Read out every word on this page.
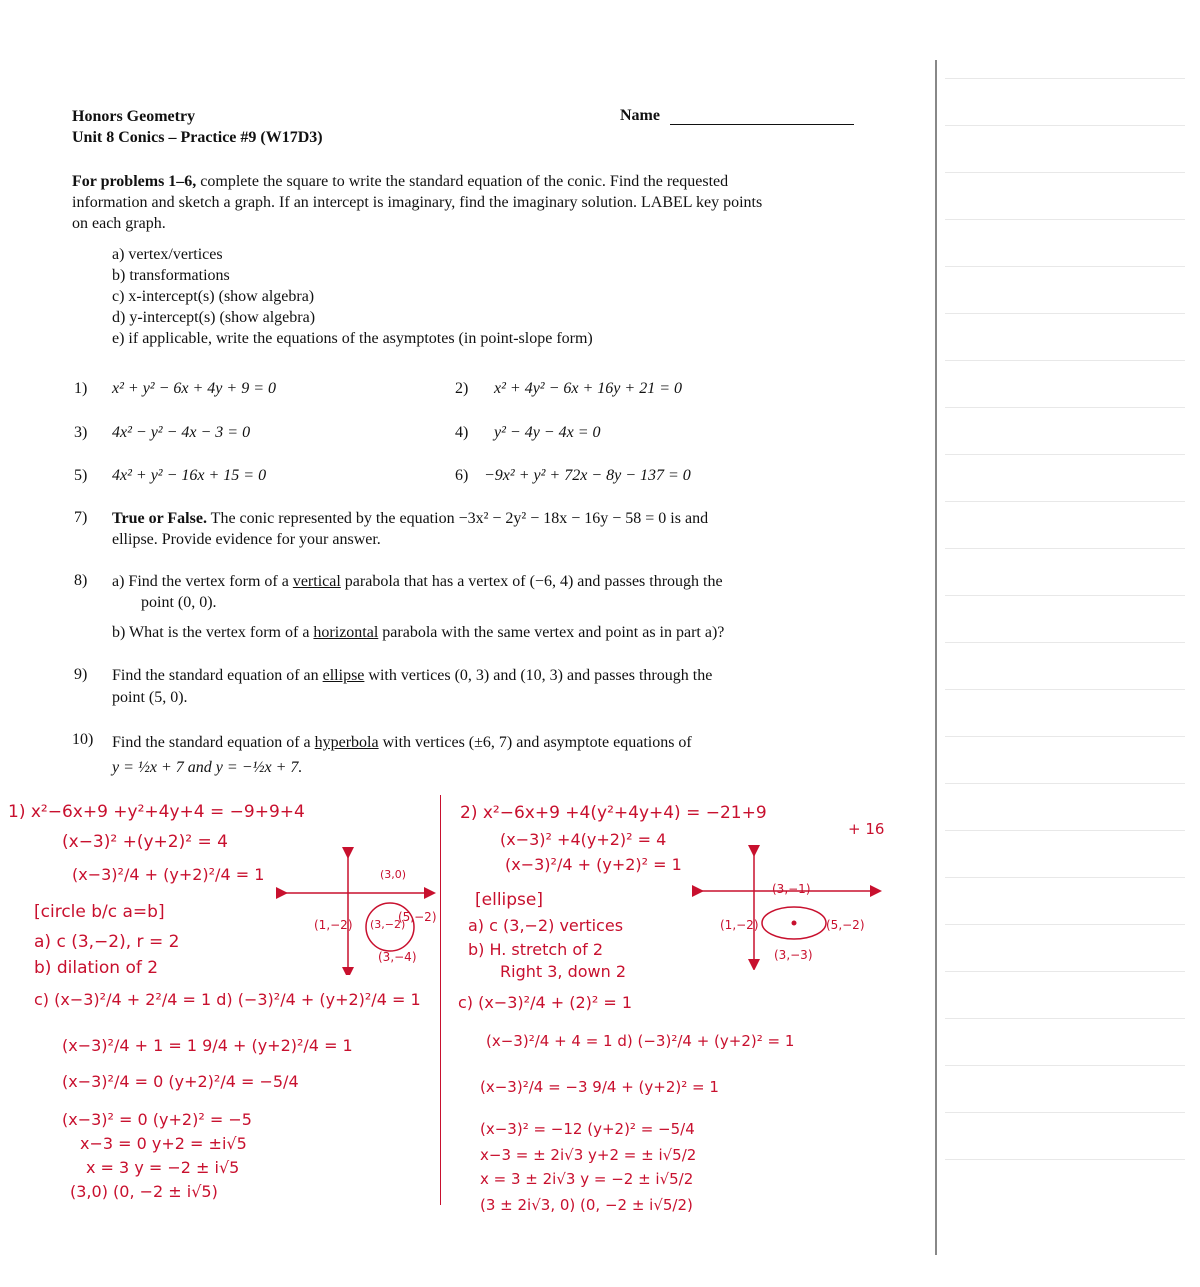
Honors Geometry
Unit 8 Conics – Practice #9 (W17D3)
Name
For problems 1–6, complete the square to write the standard equation of the conic. Find the requested
information and sketch a graph. If an intercept is imaginary, find the imaginary solution. LABEL key points
on each graph.
a) vertex/vertices
b) transformations
c) x-intercept(s) (show algebra)
d) y-intercept(s) (show algebra)
e) if applicable, write the equations of the asymptotes (in point-slope form)
1) x² + y² − 6x + 4y + 9 = 0	2) x² + 4y² − 6x + 16y + 21 = 0
3) 4x² − y² − 4x − 3 = 0	4) y² − 4y − 4x = 0
5) 4x² + y² − 16x + 15 = 0	6) −9x² + y² + 72x − 8y − 137 = 0
7) True or False. The conic represented by the equation −3x² − 2y² − 18x − 16y − 58 = 0 is and
ellipse. Provide evidence for your answer.
8) a) Find the vertex form of a vertical parabola that has a vertex of (−6, 4) and passes through the
point (0, 0).
b) What is the vertex form of a horizontal parabola with the same vertex and point as in part a)?
9) Find the standard equation of an ellipse with vertices (0, 3) and (10, 3) and passes through the
point (5, 0).
10) Find the standard equation of a hyperbola with vertices (±6, 7) and asymptote equations of
y = ½x + 7 and y = −½x + 7.
1) x²−6x+9 +y²+4y+4 = −9+9+4
(x−3)² +(y+2)² = 4
(x−3)²/4 + (y+2)²/4 = 1
[circle b/c a=b]
a) c (3,−2), r = 2
b) dilation of 2
c) (x−3)²/4 + 2²/4 = 1 d) (−3)²/4 + (y+2)²/4 = 1
(x−3)²/4 + 1 = 1 9/4 + (y+2)²/4 = 1
(x−3)²/4 = 0 (y+2)²/4 = −5/4
(x−3)² = 0 (y+2)² = −5
x−3 = 0 y+2 = ±i√5
x = 3 y = −2 ± i√5
(3,0) (0, −2 ± i√5)
(3,0)
(1,−2) (3,−2)
(5,−2)
(3,−4)
2) x²−6x+9 +4(y²+4y+4) = −21+9
+ 16
(x−3)² +4(y+2)² = 4
(x−3)²/4 + (y+2)² = 1
[ellipse]
a) c (3,−2) vertices
b) H. stretch of 2
Right 3, down 2
c) (x−3)²/4 + (2)² = 1
(x−3)²/4 + 4 = 1 d) (−3)²/4 + (y+2)² = 1
(x−3)²/4 = −3 9/4 + (y+2)² = 1
(x−3)² = −12 (y+2)² = −5/4
x−3 = ± 2i√3 y+2 = ± i√5/2
x = 3 ± 2i√3 y = −2 ± i√5/2
(3 ± 2i√3, 0) (0, −2 ± i√5/2)
(3,−1)
(1,−2)	(5,−2)
(3,−3)
